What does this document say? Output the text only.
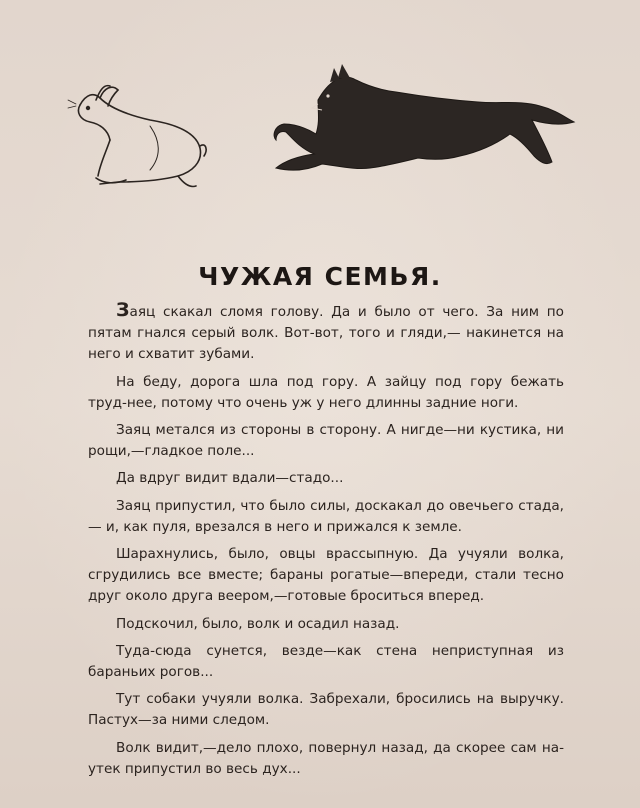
ЧУЖАЯ СЕМЬЯ.

Заяц скакал сломя голову. Да и было от чего. За ним по пятам гнался серый волк. Вот-вот, того и гляди,— накинется на него и схватит зубами.

На беду, дорога шла под гору. А зайцу под гору бежать труд-нее, потому что очень уж у него длинны задние ноги.

Заяц метался из стороны в сторону. А нигде—ни кустика, ни рощи,—гладкое поле...

Да вдруг видит вдали—стадо...

Заяц припустил, что было силы, доскакал до овечьего стада,— и, как пуля, врезался в него и прижался к земле.

Шарахнулись, было, овцы врассыпную. Да учуяли волка, сгрудились все вместе; бараны рогатые—впереди, стали тесно друг около друга веером,—готовые броситься вперед.

Подскочил, было, волк и осадил назад.

Туда-сюда сунется, везде—как стена неприступная из бараньих рогов...

Тут собаки учуяли волка. Забрехали, бросились на выручку. Пастух—за ними следом.

Волк видит,—дело плохо, повернул назад, да скорее сам на-утек припустил во весь дух...
